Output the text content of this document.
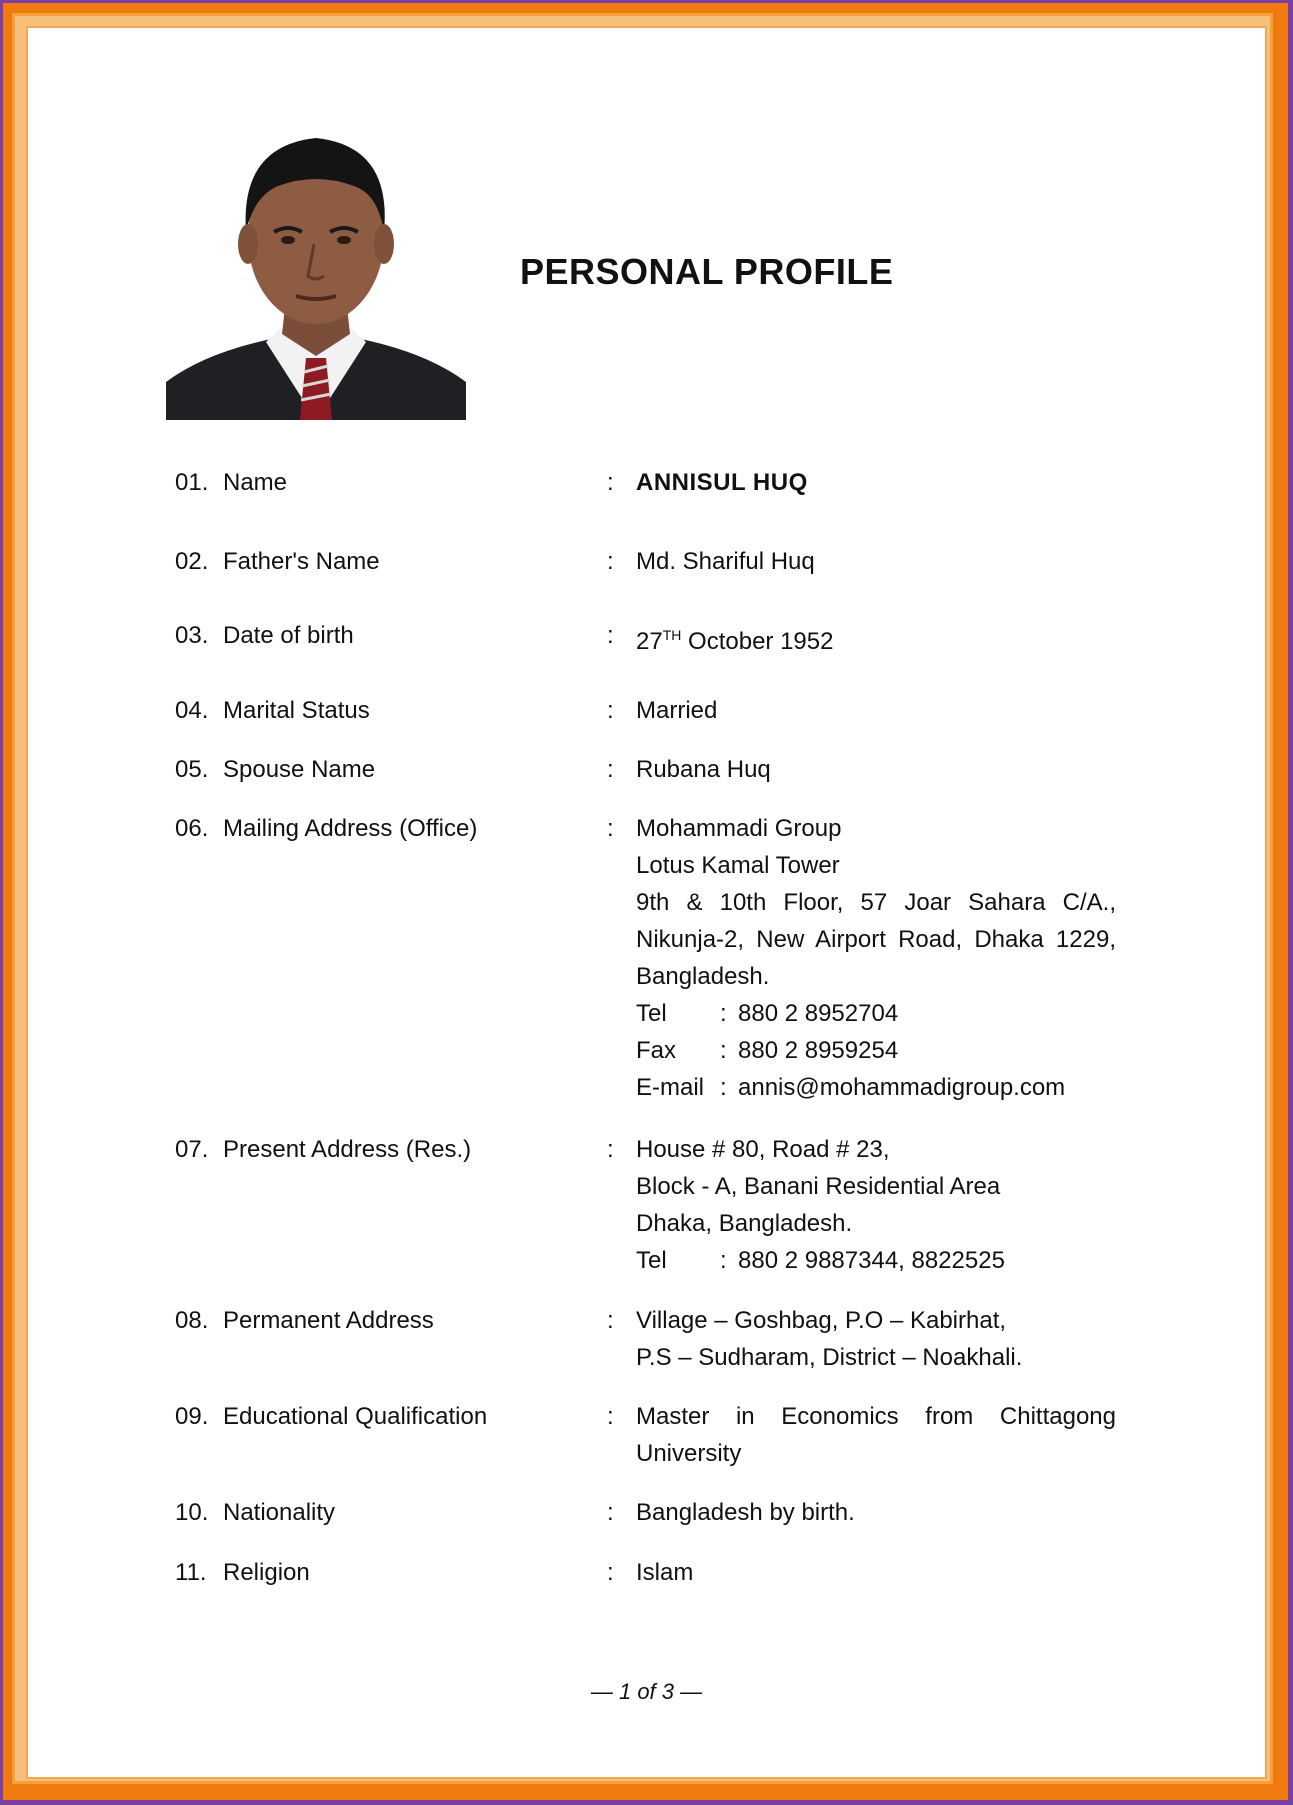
PERSONAL PROFILE
01. Name	: ANNISUL HUQ
02. Father's Name	: Md. Shariful Huq
03. Date of birth	: 27TH October 1952
04. Marital Status	: Married
05. Spouse Name	: Rubana Huq
06. Mailing Address (Office)	: Mohammadi Group
Lotus Kamal Tower
9th & 10th Floor, 57 Joar Sahara C/A.,
Nikunja-2, New Airport Road, Dhaka 1229,
Bangladesh.
Tel	: 880 2 8952704
Fax	: 880 2 8959254
E-mail : annis@mohammadigroup.com
07. Present Address (Res.)	: House # 80, Road # 23,
Block - A, Banani Residential Area
Dhaka, Bangladesh.
Tel	: 880 2 9887344, 8822525
08. Permanent Address	: Village – Goshbag, P.O – Kabirhat,
P.S – Sudharam, District – Noakhali.
09. Educational Qualification	: Master in Economics from Chittagong
University
10. Nationality	: Bangladesh by birth.
11. Religion	: Islam
— 1 of 3 —
